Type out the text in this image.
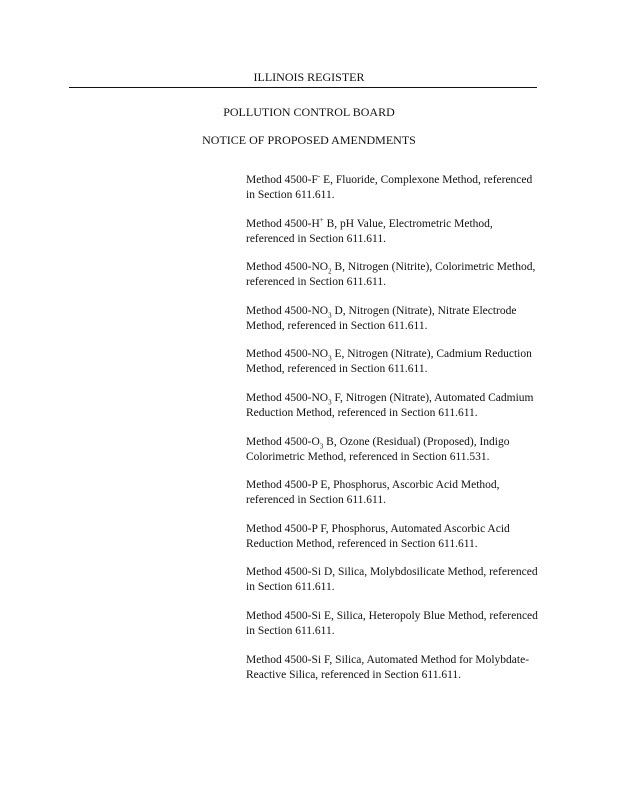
ILLINOIS REGISTER
POLLUTION CONTROL BOARD
NOTICE OF PROPOSED AMENDMENTS
Method 4500-F- E, Fluoride, Complexone Method, referenced in Section 611.611.
Method 4500-H+ B, pH Value, Electrometric Method, referenced in Section 611.611.
Method $4500-NO_2$ B, Nitrogen (Nitrite), Colorimetric Method, referenced in Section 611.611.
Method $4500-NO_3$ D, Nitrogen (Nitrate), Nitrate Electrode Method, referenced in Section 611.611.
Method $4500-NO_3$ E, Nitrogen (Nitrate), Cadmium Reduction Method, referenced in Section 611.611.
Method $4500-NO_3$ F, Nitrogen (Nitrate), Automated Cadmium Reduction Method, referenced in Section 611.611.
Method $4500-O_3$ B, Ozone (Residual) (Proposed), Indigo Colorimetric Method, referenced in Section 611.531.
Method 4500-P E, Phosphorus, Ascorbic Acid Method, referenced in Section 611.611.
Method 4500-P F, Phosphorus, Automated Ascorbic Acid Reduction Method, referenced in Section 611.611.
Method 4500-Si D, Silica, Molybdosilicate Method, referenced in Section 611.611.
Method 4500-Si E, Silica, Heteropoly Blue Method, referenced in Section 611.611.
Method 4500-Si F, Silica, Automated Method for Molybdate-Reactive Silica, referenced in Section 611.611.
